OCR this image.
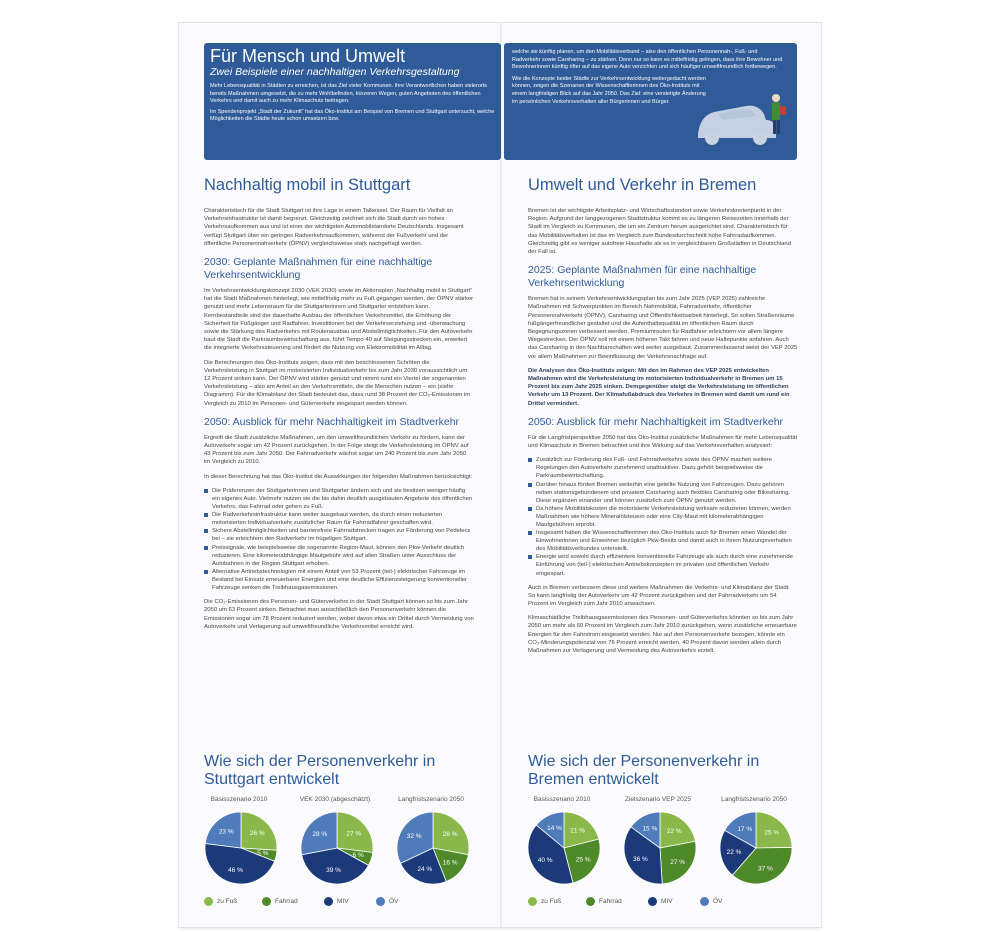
Für Mensch und Umwelt
Zwei Beispiele einer nachhaltigen Verkehrsgestaltung
Mehr Lebensqualität in Städten zu erreichen, ist das Ziel vieler Kommunen. Ihre Verantwortlichen haben vielerorts bereits Maßnahmen umgesetzt, die zu mehr Wohlbefinden, kürzeren Wegen, guten Angeboten des öffentlichen Verkehrs und damit auch zu mehr Klimaschutz beitragen.
Im Spendenprojekt „Stadt der Zukunft“ hat das Öko-Institut am Beispiel von Bremen und Stuttgart untersucht, welche Möglichkeiten die Städte heute schon umsetzen bzw.
welche sie künftig planen, um den Mobilitätsverbund – also den öffentlichen Personennah-, Fuß- und Radverkehr sowie Carsharing – zu stärken. Denn nur so kann es mittelfristig gelingen, dass ihre Bewohner und Bewohnerinnen künftig öfter auf das eigene Auto verzichten und sich häufiger umweltfreundlich fortbewegen.
Wie die Konzepte beider Städte zur Verkehrsentwicklung weitergedacht werden können, zeigen die Szenarien der Wissenschaftlerinnen des Öko-Instituts mit einem langfristigen Blick auf das Jahr 2050. Das Ziel: eine verstetigte Änderung im persönlichen Verkehrsverhalten aller Bürgerinnen und Bürger.
Nachhaltig mobil in Stuttgart
Charakteristisch für die Stadt Stuttgart ist ihre Lage in einem Talkessel. Der Raum für Vielfalt an Verkehrsinfrastruktur ist damit begrenzt. Gleichzeitig zeichnet sich die Stadt durch ein hohes Verkehrsaufkommen aus und ist einer der wichtigsten Automobilstandorte Deutschlands. Insgesamt verfügt Stuttgart über ein geringes Radverkehrsaufkommen, während der Fußverkehr und der öffentliche Personennahverkehr (ÖPNV) vergleichsweise stark nachgefragt werden.
2030: Geplante Maßnahmen für eine nachhaltige Verkehrsentwicklung
Im Verkehrsentwicklungskonzept 2030 (VEK 2030) sowie im Aktionsplan „Nachhaltig mobil in Stuttgart“ hat die Stadt Maßnahmen hinterlegt, wie mittelfristig mehr zu Fuß gegangen werden, der ÖPNV stärker genutzt und mehr Lebensraum für die Stuttgarterinnen und Stuttgarter entstehen kann. Kernbestandteile sind der dauerhafte Ausbau der öffentlichen Verkehrsmittel, die Erhöhung der Sicherheit für Fußgänger und Radfahrer, Investitionen bei der Verkehrserziehung und -überwachung sowie die Stärkung des Radverkehrs mit Routenausbau und Abstellmöglichkeiten. Für den Autoverkehr baut die Stadt die Parkraumbewirtschaftung aus, führt Tempo 40 auf Steigungsstrecken ein, erweitert die integrierte Verkehrssteuerung und fördert die Nutzung von Elektromobilität im Alltag.
Die Berechnungen des Öko-Instituts zeigen, dass mit den beschlossenen Schritten die Verkehrsleistung in Stuttgart im motorisierten Individualverkehr bis zum Jahr 2030 voraussichtlich um 12 Prozent sinken kann. Der ÖPNV wird stärker genutzt und nimmt rund ein Viertel der sogenannten Verkehrsleistung – also am Anteil an den Verkehrsmitteln, die die Menschen nutzen – ein (siehe Diagramm). Für die Klimabilanz der Stadt bedeutet das, dass rund 38 Prozent der CO₂-Emissionen im Vergleich zu 2010 im Personen- und Güterverkehr eingespart werden können.
2050: Ausblick für mehr Nachhaltigkeit im Stadtverkehr
Ergreift die Stadt zusätzliche Maßnahmen, um den umweltfreundlichen Verkehr zu fördern, kann der Autoverkehr sogar um 42 Prozent zurückgehen. In der Folge steigt die Verkehrsleistung im ÖPNV auf 43 Prozent bis zum Jahr 2050. Der Fahrradverkehr wächst sogar um 240 Prozent bis zum Jahr 2050 im Vergleich zu 2010.
In dieser Berechnung hat das Öko-Institut die Auswirkungen der folgenden Maßnahmen berücksichtigt:
Die Präferenzen der Stuttgarterinnen und Stuttgarter ändern sich und sie besitzen weniger häufig ein eigenes Auto. Vielmehr nutzen sie die bis dahin deutlich ausgebauten Angebote des öffentlichen Verkehrs, das Fahrrad oder gehen zu Fuß.
Die Radverkehrsinfrastruktur kann weiter ausgebaut werden, da durch einen reduzierten motorisierten Individualverkehr zusätzlicher Raum für Fahrradfahrer geschaffen wird.
Sichere Abstellmöglichkeiten und barrierefreie Fahrradstrecken tragen zur Förderung von Pedelecs bei – sie erleichtern den Radverkehr im hügeligen Stuttgart.
Preissignale, wie beispielsweise die sogenannte Region-Maut, können den Pkw-Verkehr deutlich reduzieren. Eine kilometerabhängige Mautgebühr wird auf allen Straßen unter Ausschluss der Autobahnen in der Region Stuttgart erhoben.
Alternative Antriebstechnologien mit einem Anteil von 53 Prozent (teil-) elektrischer Fahrzeuge im Bestand bei Einsatz erneuerbarer Energien und eine deutliche Effizienzsteigerung konventioneller Fahrzeuge senken die Treibhausgasemissionen.
Die CO₂-Emissionen des Personen- und Güterverkehrs in der Stadt Stuttgart können so bis zum Jahr 2050 um 63 Prozent sinken. Betrachtet man ausschließlich den Personenverkehr können die Emissionen sogar um 78 Prozent reduziert werden, wobei davon etwa ein Drittel durch Vermeidung von Autoverkehr und Verlagerung auf umweltfreundliche Verkehrsmittel erreicht wird.
Umwelt und Verkehr in Bremen
Bremen ist der wichtigste Arbeitsplatz- und Wirtschaftsstandort sowie Verkehrsknotenpunkt in der Region. Aufgrund der langgezogenen Stadtstruktur kommt es zu längeren Reisezeiten innerhalb der Stadt im Vergleich zu Kommunen, die um ein Zentrum herum ausgerichtet sind. Charakteristisch für das Mobilitätsverhalten ist das im Vergleich zum Bundesdurchschnitt hohe Fahrradaufkommen. Gleichzeitig gibt es weniger autofreie Haushalte als es in vergleichbaren Großstädten in Deutschland der Fall ist.
2025: Geplante Maßnahmen für eine nachhaltige Verkehrsentwicklung
Bremen hat in seinem Verkehrsentwicklungsplan bis zum Jahr 2025 (VEP 2025) zahlreiche Maßnahmen mit Schwerpunkten im Bereich Nahmobilität, Fahrradverkehr, öffentlicher Personennahverkehr (ÖPNV), Carsharing und Öffentlichkeitsarbeit hinterlegt. So sollen Straßenräume fußgängerfreundlicher gestaltet und die Aufenthaltsqualität im öffentlichen Raum durch Begegnungszonen verbessert werden. Premiumrouten für Radfahrer erleichtern vor allem längere Wegestrecken. Der ÖPNV soll mit einem höheren Takt fahren und neue Haltepunkte anfahren. Auch das Carsharing in den Nachbarschaften wird weiter ausgebaut. Zusammenfassend weist der VEP 2025 vor allem Maßnahmen zur Beeinflussung der Verkehrsnachfrage auf.
Die Analysen des Öko-Instituts zeigen: Mit den im Rahmen des VEP 2025 entwickelten Maßnahmen wird die Verkehrsleistung im motorisierten Individualverkehr in Bremen um 15 Prozent bis zum Jahr 2025 sinken. Demgegenüber steigt die Verkehrsleistung im öffentlichen Verkehr um 13 Prozent. Der Klimafußabdruck des Verkehrs in Bremen wird damit um rund ein Drittel vermindert.
2050: Ausblick für mehr Nachhaltigkeit im Stadtverkehr
Für die Langfristperspektive 2050 hat das Öko-Institut zusätzliche Maßnahmen für mehr Lebensqualität und Klimaschutz in Bremen betrachtet und ihre Wirkung auf das Verkehrsverhalten analysiert:
Zusätzlich zur Förderung des Fuß- und Fahrradverkehrs sowie des ÖPNV machen weitere Regelungen den Autoverkehr zunehmend unattraktiver. Dazu gehört beispielsweise die Parkraumbewirtschaftung.
Darüber hinaus fördert Bremen weiterhin eine geteilte Nutzung von Fahrzeugen. Dazu gehören neben stationsgebundenem und privatem Carsharing auch flexibles Carsharing oder Bikesharing. Diese ergänzen einander und können zusätzlich zum ÖPNV genutzt werden.
Da höhere Mobilitätskosten die motorisierte Verkehrsleistung wirksam reduzieren können, werden Maßnahmen wie höhere Mineralölsteuern oder eine City-Maut mit kilometerabhängigen Mautgebühren erprobt.
Insgesamt haben die Wissenschaftlerinnen des Öko-Instituts auch für Bremen einen Wandel der Einwohnerinnen und Einwohner bezüglich Pkw-Besitz und damit auch in ihrem Nutzungsverhalten des Mobilitätsverbundes unterstellt.
Energie wird sowohl durch effizientere konventionelle Fahrzeuge als auch durch eine zunehmende Einführung von (teil-) elektrischen Antriebskonzepten im privaten und öffentlichen Verkehr eingespart.
Auch in Bremen verbessern diese und weitere Maßnahmen die Verkehrs- und Klimabilanz der Stadt. So kann langfristig der Autoverkehr um 42 Prozent zurückgehen und der Fahrradverkehr um 54 Prozent im Vergleich zum Jahr 2010 anwachsen.
Klimaschädliche Treibhausgasemissionen des Personen- und Güterverkehrs könnten so bis zum Jahr 2050 um mehr als 60 Prozent im Vergleich zum Jahr 2010 zurückgehen, wenn zusätzliche erneuerbare Energien für den Fahrstrom eingesetzt werden. Nur auf den Personenverkehr bezogen, könnte ein CO₂-Minderungspotenzial von 76 Prozent erreicht werden. 40 Prozent davon werden allein durch Maßnahmen zur Verlagerung und Vermeidung des Autoverkehrs erzielt.
Wie sich der Personenverkehr in Stuttgart entwickelt
Wie sich der Personenverkehr in Bremen entwickelt
Basisszenario 2010
26 %
5 %
46 %
23 %
VEK 2030 (abgeschätzt)
27 %
6 %
39 %
28 %
Langfristszenario 2050
28 %
16 %
24 %
32 %
Basisszenario 2010
21 %
25 %
40 %
14 %
Zielszenario VEP 2025
22 %
27 %
36 %
15 %
Langfristszenario 2050
25 %
37 %
22 %
17 %
zu Fuß	Fahrrad	MIV	ÖV	zu Fuß	Fahrrad	MIV	ÖV
